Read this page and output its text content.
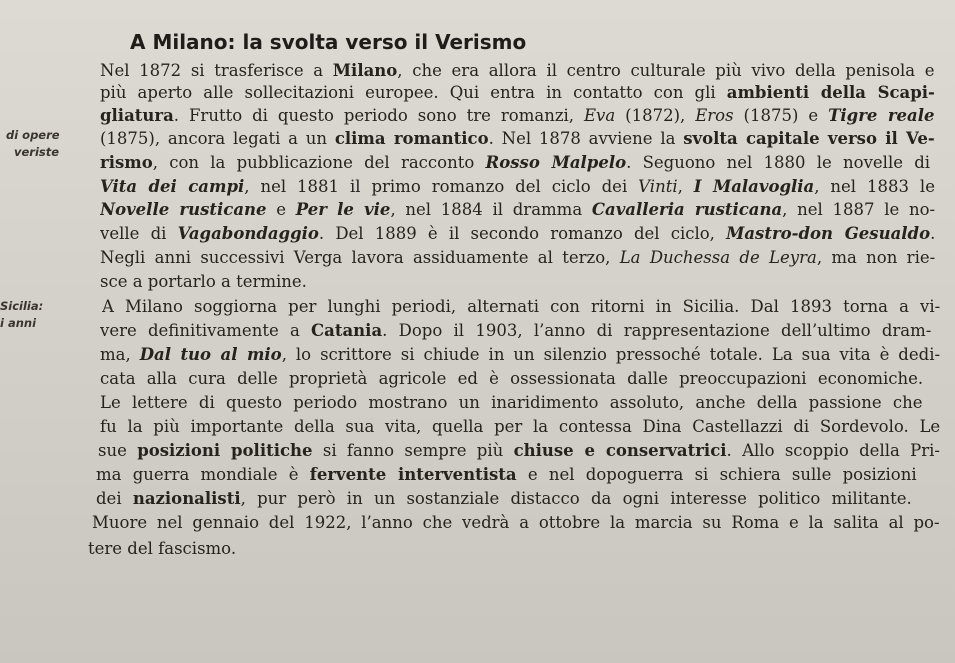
A Milano: la svolta verso il Verismo
di opere
veriste
Sicilia:
i anni
Nel 1872 si trasferisce a Milano, che era allora il centro culturale più vivo della penisola e
più aperto alle sollecitazioni europee. Qui entra in contatto con gli ambienti della Scapi-
gliatura. Frutto di questo periodo sono tre romanzi, Eva (1872), Eros (1875) e Tigre reale
(1875), ancora legati a un clima romantico. Nel 1878 avviene la svolta capitale verso il Ve-
rismo, con la pubblicazione del racconto Rosso Malpelo. Seguono nel 1880 le novelle di
Vita dei campi, nel 1881 il primo romanzo del ciclo dei Vinti, I Malavoglia, nel 1883 le
Novelle rusticane e Per le vie, nel 1884 il dramma Cavalleria rusticana, nel 1887 le no-
velle di Vagabondaggio. Del 1889 è il secondo romanzo del ciclo, Mastro-don Gesualdo.
Negli anni successivi Verga lavora assiduamente al terzo, La Duchessa de Leyra, ma non rie-
sce a portarlo a termine.
A Milano soggiorna per lunghi periodi, alternati con ritorni in Sicilia. Dal 1893 torna a vi-
vere definitivamente a Catania. Dopo il 1903, l’anno di rappresentazione dell’ultimo dram-
ma, Dal tuo al mio, lo scrittore si chiude in un silenzio pressoché totale. La sua vita è dedi-
cata alla cura delle proprietà agricole ed è ossessionata dalle preoccupazioni economiche.
Le lettere di questo periodo mostrano un inaridimento assoluto, anche della passione che
fu la più importante della sua vita, quella per la contessa Dina Castellazzi di Sordevolo. Le
sue posizioni politiche si fanno sempre più chiuse e conservatrici. Allo scoppio della Pri-
ma guerra mondiale è fervente interventista e nel dopoguerra si schiera sulle posizioni
dei nazionalisti, pur però in un sostanziale distacco da ogni interesse politico militante.
Muore nel gennaio del 1922, l’anno che vedrà a ottobre la marcia su Roma e la salita al po-
tere del fascismo.
